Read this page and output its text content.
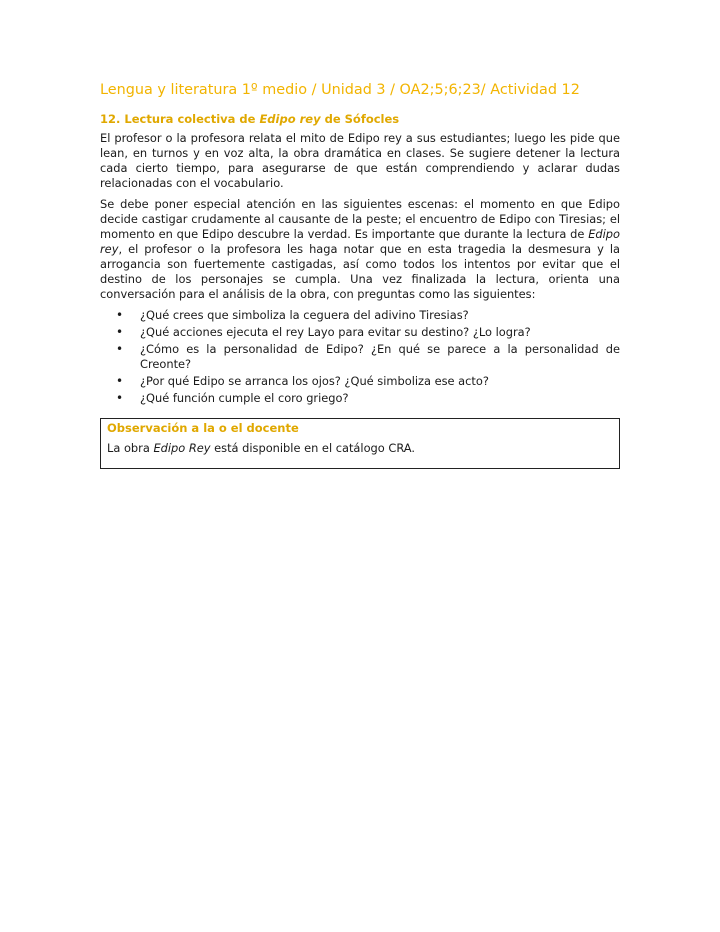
Lengua y literatura 1º medio / Unidad 3 / OA2;5;6;23/ Actividad 12
12. Lectura colectiva de Edipo rey de Sófocles

El profesor o la profesora relata el mito de Edipo rey a sus estudiantes; luego les pide que lean, en turnos y en voz alta, la obra dramática en clases. Se sugiere detener la lectura cada cierto tiempo, para asegurarse de que están comprendiendo y aclarar dudas relacionadas con el vocabulario.

Se debe poner especial atención en las siguientes escenas: el momento en que Edipo decide castigar crudamente al causante de la peste; el encuentro de Edipo con Tiresias; el momento en que Edipo descubre la verdad. Es importante que durante la lectura de Edipo rey, el profesor o la profesora les haga notar que en esta tragedia la desmesura y la arrogancia son fuertemente castigadas, así como todos los intentos por evitar que el destino de los personajes se cumpla. Una vez finalizada la lectura, orienta una conversación para el análisis de la obra, con preguntas como las siguientes:

• ¿Qué crees que simboliza la ceguera del adivino Tiresias?
• ¿Qué acciones ejecuta el rey Layo para evitar su destino? ¿Lo logra?
• ¿Cómo es la personalidad de Edipo? ¿En qué se parece a la personalidad de Creonte?
• ¿Por qué Edipo se arranca los ojos? ¿Qué simboliza ese acto?
• ¿Qué función cumple el coro griego?
Observación a la o el docente

La obra Edipo Rey está disponible en el catálogo CRA.
